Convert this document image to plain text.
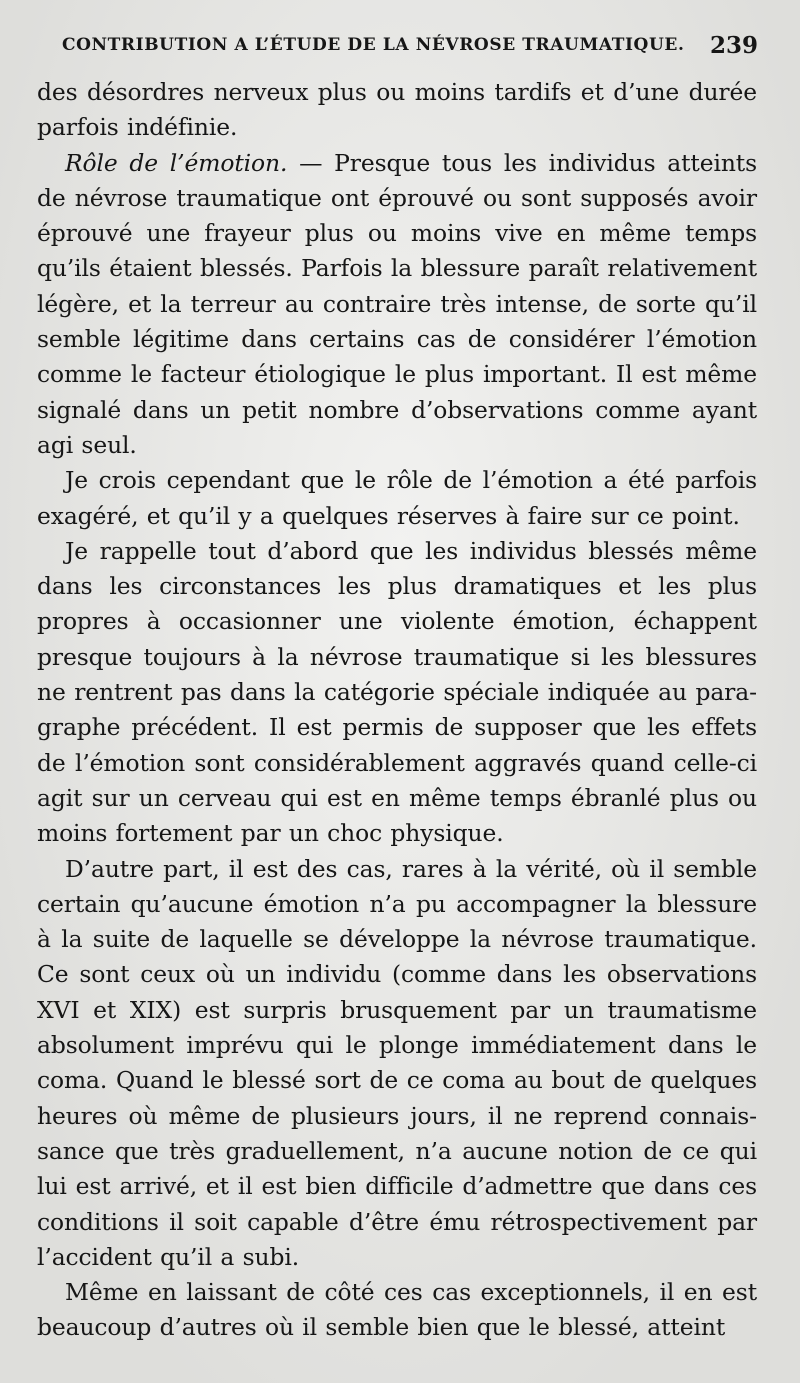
CONTRIBUTION A L’ÉTUDE DE LA NÉVROSE TRAUMATIQUE. 239

des désordres nerveux plus ou moins tardifs et d’une durée parfois indéfinie.

Rôle de l’émotion. — Presque tous les individus atteints de névrose traumatique ont éprouvé ou sont supposés avoir éprouvé une frayeur plus ou moins vive en même temps qu’ils étaient blessés. Parfois la blessure paraît relativement légère, et la terreur au contraire très intense, de sorte qu’il semble légitime dans certains cas de considérer l’émotion comme le facteur étiologique le plus important. Il est même signalé dans un petit nombre d’observations comme ayant agi seul.

Je crois cependant que le rôle de l’émotion a été parfois exagéré, et qu’il y a quelques réserves à faire sur ce point.

Je rappelle tout d’abord que les individus blessés même dans les circonstances les plus dramatiques et les plus propres à occasionner une violente émotion, échappent presque toujours à la névrose traumatique si les blessures ne rentrent pas dans la catégorie spéciale indiquée au paragraphe précédent. Il est permis de supposer que les effets de l’émotion sont considérablement aggravés quand celle-ci agit sur un cerveau qui est en même temps ébranlé plus ou moins fortement par un choc physique.

D’autre part, il est des cas, rares à la vérité, où il semble certain qu’aucune émotion n’a pu accompagner la blessure à la suite de laquelle se développe la névrose traumatique. Ce sont ceux où un individu (comme dans les observations XVI et XIX) est surpris brusquement par un traumatisme absolument imprévu qui le plonge immédiatement dans le coma. Quand le blessé sort de ce coma au bout de quelques heures où même de plusieurs jours, il ne reprend connaissance que très graduellement, n’a aucune notion de ce qui lui est arrivé, et il est bien difficile d’admettre que dans ces conditions il soit capable d’être ému rétrospectivement par l’accident qu’il a subi.

Même en laissant de côté ces cas exceptionnels, il en est beaucoup d’autres où il semble bien que le blessé, atteint
